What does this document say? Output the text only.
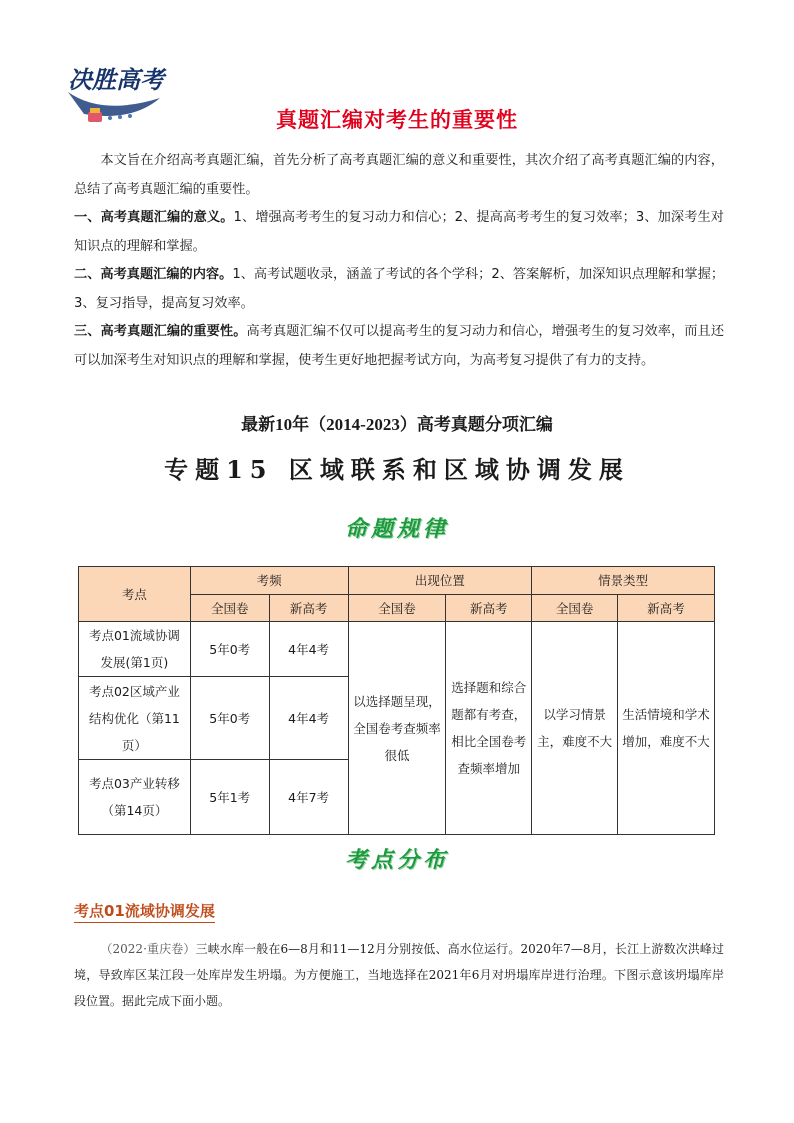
决胜高考
真题汇编对考生的重要性

本文旨在介绍高考真题汇编，首先分析了高考真题汇编的意义和重要性，其次介绍了高考真题汇编的内容，总结了高考真题汇编的重要性。

一、高考真题汇编的意义。1、增强高考考生的复习动力和信心；2、提高高考考生的复习效率；3、加深考生对知识点的理解和掌握。

二、高考真题汇编的内容。1、高考试题收录，涵盖了考试的各个学科；2、答案解析，加深知识点理解和掌握；3、复习指导，提高复习效率。

三、高考真题汇编的重要性。高考真题汇编不仅可以提高考生的复习动力和信心，增强考生的复习效率，而且还可以加深考生对知识点的理解和掌握，使考生更好地把握考试方向，为高考复习提供了有力的支持。

最新10年（2014-2023）高考真题分项汇编
专题15 区域联系和区域协调发展
命题规律
考点	考频		出现位置		情景类型	
	全国卷	新高考	全国卷	新高考	全国卷	新高考
考点01流域协调发展(第1页)	5年0考	4年4考	以选择题呈现，全国卷考查频率很低	选择题和综合题都有考查，相比全国卷考查频率增加	以学习情景主，难度不大	生活情境和学术增加，难度不大
考点02区域产业结构优化（第11页）	5年0考	4年4考				
考点03产业转移（第14页）	5年1考	4年7考				
考点分布
考点01流域协调发展
（2022·重庆卷）三峡水库一般在6—8月和11—12月分别按低、高水位运行。2020年7—8月，长江上游数次洪峰过境，导致库区某江段一处库岸发生坍塌。为方便施工，当地选择在2021年6月对坍塌库岸进行治理。下图示意该坍塌库岸段位置。据此完成下面小题。
